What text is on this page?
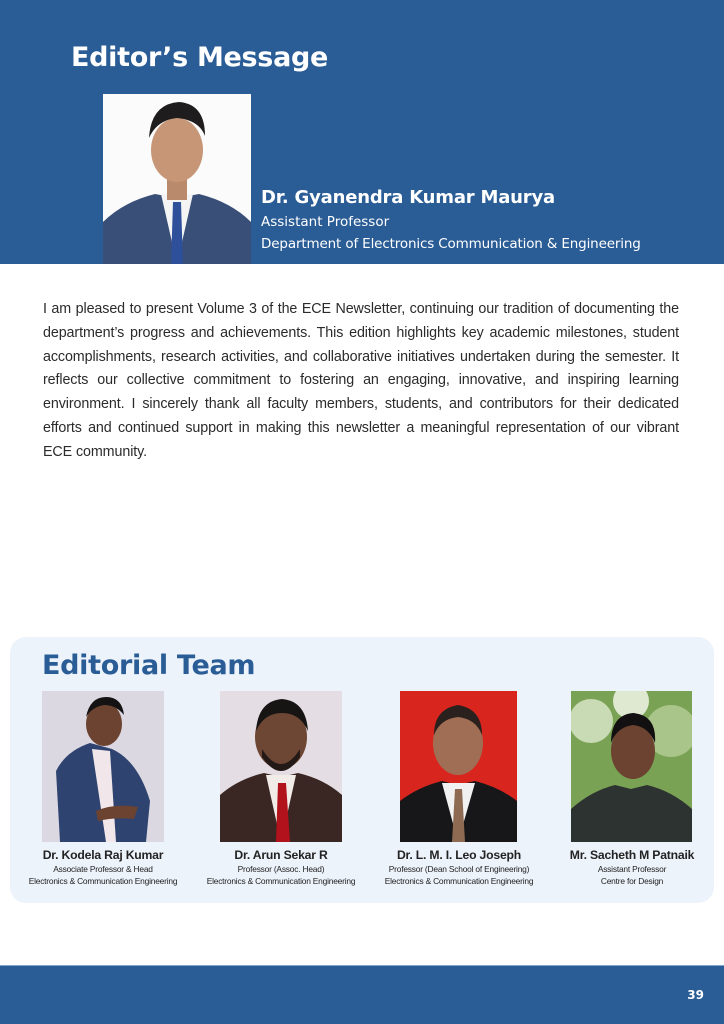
Editor’s Message
Dr. Gyanendra Kumar Maurya
Assistant Professor
Department of Electronics Communication & Engineering

I am pleased to present Volume 3 of the ECE Newsletter, continuing our tradition of documenting the department’s progress and achievements. This edition highlights key academic milestones, student accomplishments, research activities, and collaborative initiatives undertaken during the semester. It reflects our collective commitment to fostering an engaging, innovative, and inspiring learning environment. I sincerely thank all faculty members, students, and contributors for their dedicated efforts and continued support in making this newsletter a meaningful representation of our vibrant ECE community.

Editorial Team
Dr. Kodela Raj Kumar
Associate Professor & Head
Electronics & Communication Engineering
Dr. Arun Sekar R
Professor (Assoc. Head)
Electronics & Communication Engineering
Dr. L. M. I. Leo Joseph
Professor (Dean School of Engineering)
Electronics & Communication Engineering
Mr. Sacheth M Patnaik
Assistant Professor
Centre for Design
39
